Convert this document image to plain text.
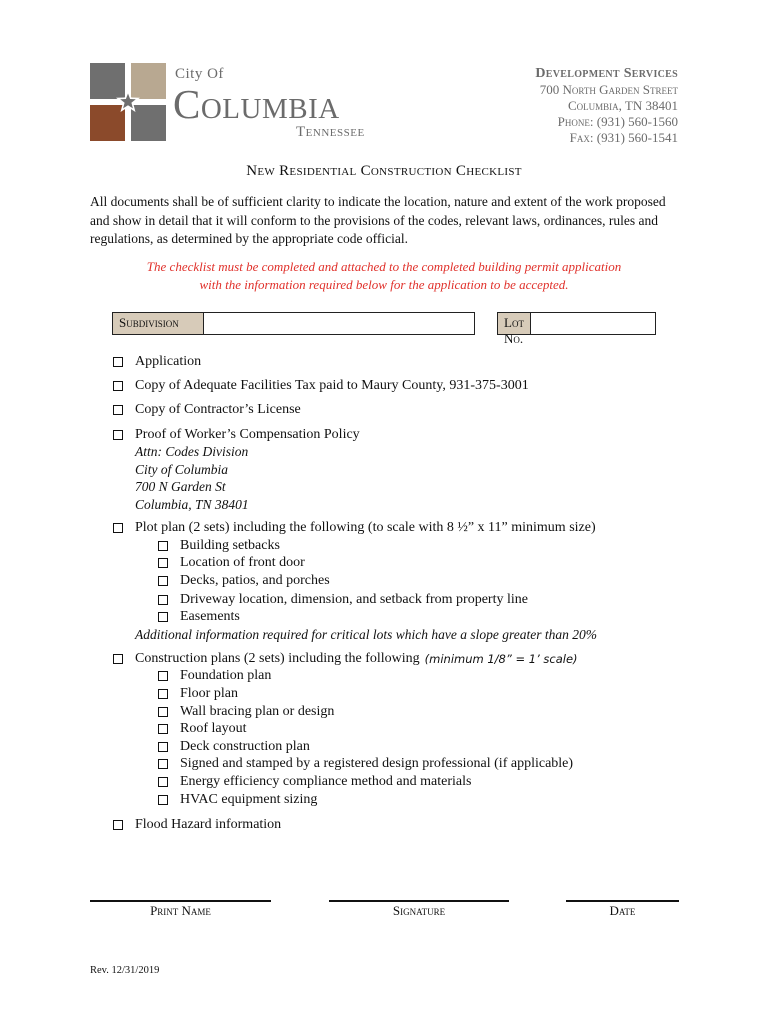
City Of
Columbia
Tennessee
Development Services
700 North Garden Street
Columbia, TN 38401
Phone: (931) 560-1560
Fax: (931) 560-1541
New Residential Construction Checklist
All documents shall be of sufficient clarity to indicate the location, nature and extent of the work proposed and show in detail that it will conform to the provisions of the codes, relevant laws, ordinances, rules and regulations, as determined by the appropriate code official.
The checklist must be completed and attached to the completed building permit application
with the information required below for the application to be accepted.
Subdivision	Lot No.
Application
Copy of Adequate Facilities Tax paid to Maury County, 931-375-3001
Copy of Contractor’s License
Proof of Worker’s Compensation Policy
Attn: Codes Division
City of Columbia
700 N Garden St
Columbia, TN 38401
Plot plan (2 sets) including the following (to scale with 8 ½” x 11” minimum size)
Building setbacks
Location of front door
Decks, patios, and porches
Driveway location, dimension, and setback from property line
Easements
Additional information required for critical lots which have a slope greater than 20%
Construction plans (2 sets) including the following (minimum 1/8” = 1’ scale)
Foundation plan
Floor plan
Wall bracing plan or design
Roof layout
Deck construction plan
Signed and stamped by a registered design professional (if applicable)
Energy efficiency compliance method and materials
HVAC equipment sizing
Flood Hazard information
Print Name	Signature	Date
Rev. 12/31/2019
